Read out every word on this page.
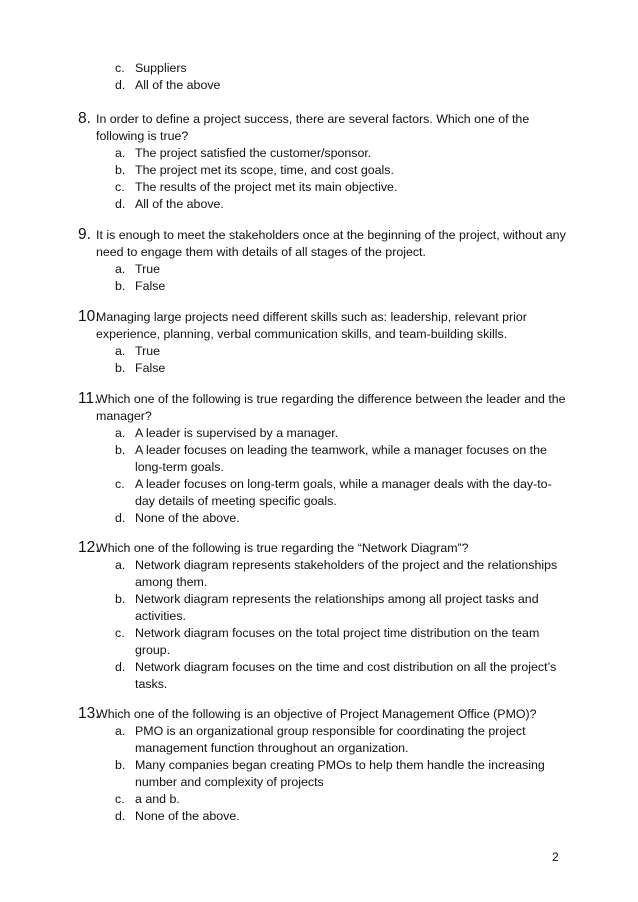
c. Suppliers
d. All of the above
8. In order to define a project success, there are several factors. Which one of the following is true?
a. The project satisfied the customer/sponsor.
b. The project met its scope, time, and cost goals.
c. The results of the project met its main objective.
d. All of the above.
9. It is enough to meet the stakeholders once at the beginning of the project, without any need to engage them with details of all stages of the project.
a. True
b. False
10.
Managing large projects need different skills such as: leadership, relevant prior experience, planning, verbal communication skills, and team-building skills.
a. True
b. False
11.
Which one of the following is true regarding the difference between the leader and the manager?
a. A leader is supervised by a manager.
b. A leader focuses on leading the teamwork, while a manager focuses on the long-term goals.
c. A leader focuses on long-term goals, while a manager deals with the day-to-day details of meeting specific goals.
d. None of the above.
12.
Which one of the following is true regarding the “Network Diagram”?
a. Network diagram represents stakeholders of the project and the relationships among them.
b. Network diagram represents the relationships among all project tasks and activities.
c. Network diagram focuses on the total project time distribution on the team group.
d. Network diagram focuses on the time and cost distribution on all the project’s tasks.
13.
Which one of the following is an objective of Project Management Office (PMO)?
a. PMO is an organizational group responsible for coordinating the project management function throughout an organization.
b. Many companies began creating PMOs to help them handle the increasing number and complexity of projects
c. a and b.
d. None of the above.
2
